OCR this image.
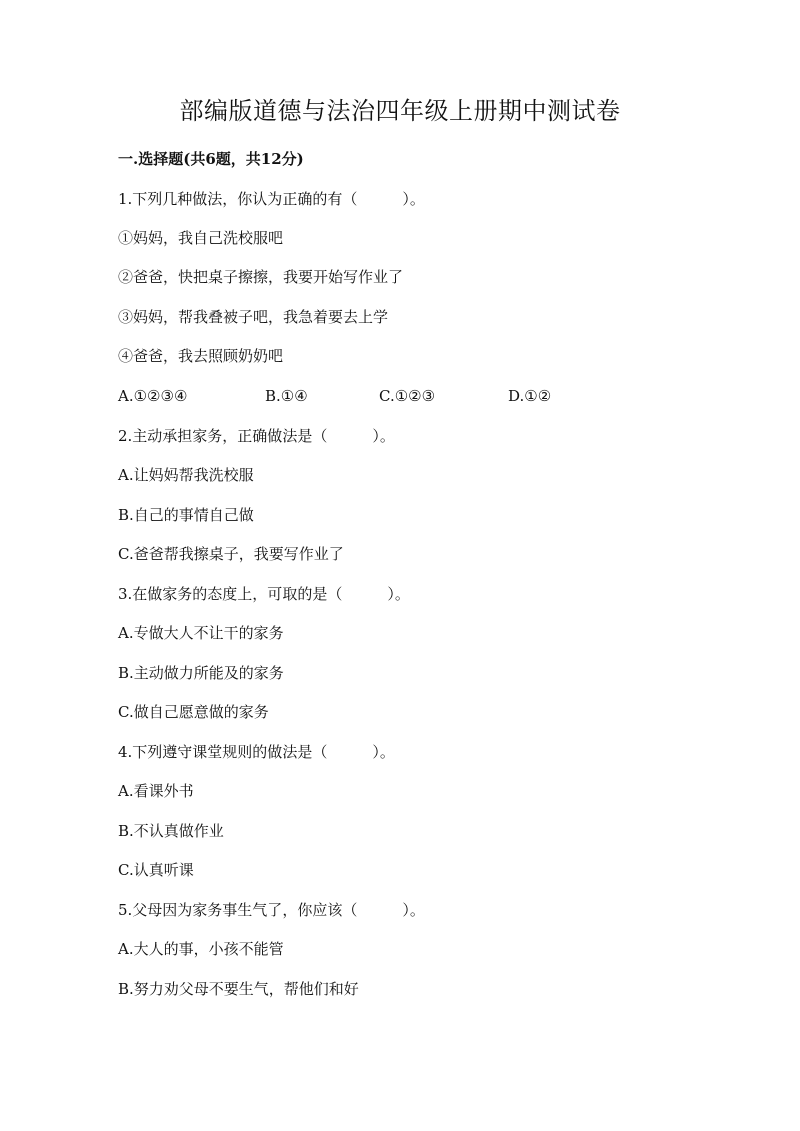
部编版道德与法治四年级上册期中测试卷
一.选择题(共6题，共12分)
1.下列几种做法，你认为正确的有（　　　）。
①妈妈，我自己洗校服吧
②爸爸，快把桌子擦擦，我要开始写作业了
③妈妈，帮我叠被子吧，我急着要去上学
④爸爸，我去照顾奶奶吧
A.①②③④	B.①④	C.①②③	D.①②
2.主动承担家务，正确做法是（　　　）。
A.让妈妈帮我洗校服
B.自己的事情自己做
C.爸爸帮我擦桌子，我要写作业了
3.在做家务的态度上，可取的是（　　　）。
A.专做大人不让干的家务
B.主动做力所能及的家务
C.做自己愿意做的家务
4.下列遵守课堂规则的做法是（　　　）。
A.看课外书
B.不认真做作业
C.认真听课
5.父母因为家务事生气了，你应该（　　　）。
A.大人的事，小孩不能管
B.努力劝父母不要生气，帮他们和好
